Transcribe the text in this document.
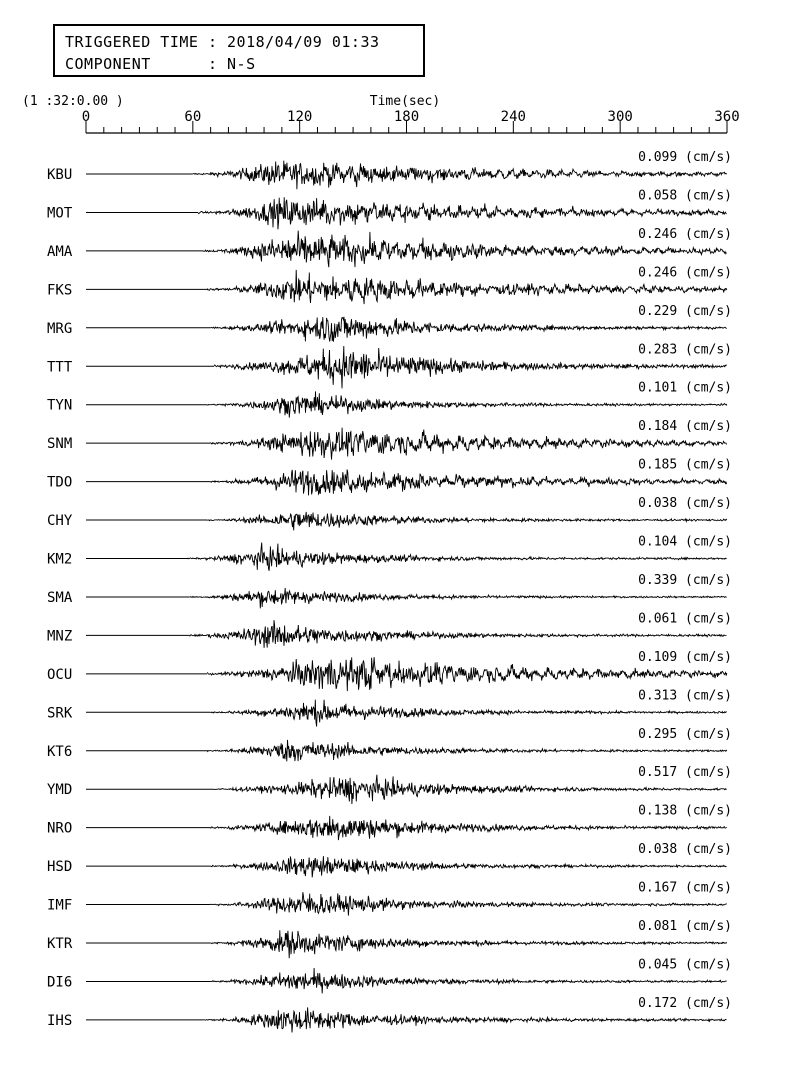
TRIGGERED TIME : 2018/04/09 01:33
COMPONENT      : N-S
(1 :32:0.00 )	Time(sec)
0	60	120	180	240	300	360
KBU
0.099 (cm/s)
MOT
0.058 (cm/s)
AMA
0.246 (cm/s)
FKS
0.246 (cm/s)
MRG
0.229 (cm/s)
TTT
0.283 (cm/s)
TYN
0.101 (cm/s)
SNM
0.184 (cm/s)
TDO
0.185 (cm/s)
CHY
0.038 (cm/s)
KM2
0.104 (cm/s)
SMA
0.339 (cm/s)
MNZ
0.061 (cm/s)
OCU
0.109 (cm/s)
SRK
0.313 (cm/s)
KT6
0.295 (cm/s)
YMD
0.517 (cm/s)
NRO
0.138 (cm/s)
HSD
0.038 (cm/s)
IMF
0.167 (cm/s)
KTR
0.081 (cm/s)
DI6
0.045 (cm/s)
IHS
0.172 (cm/s)
